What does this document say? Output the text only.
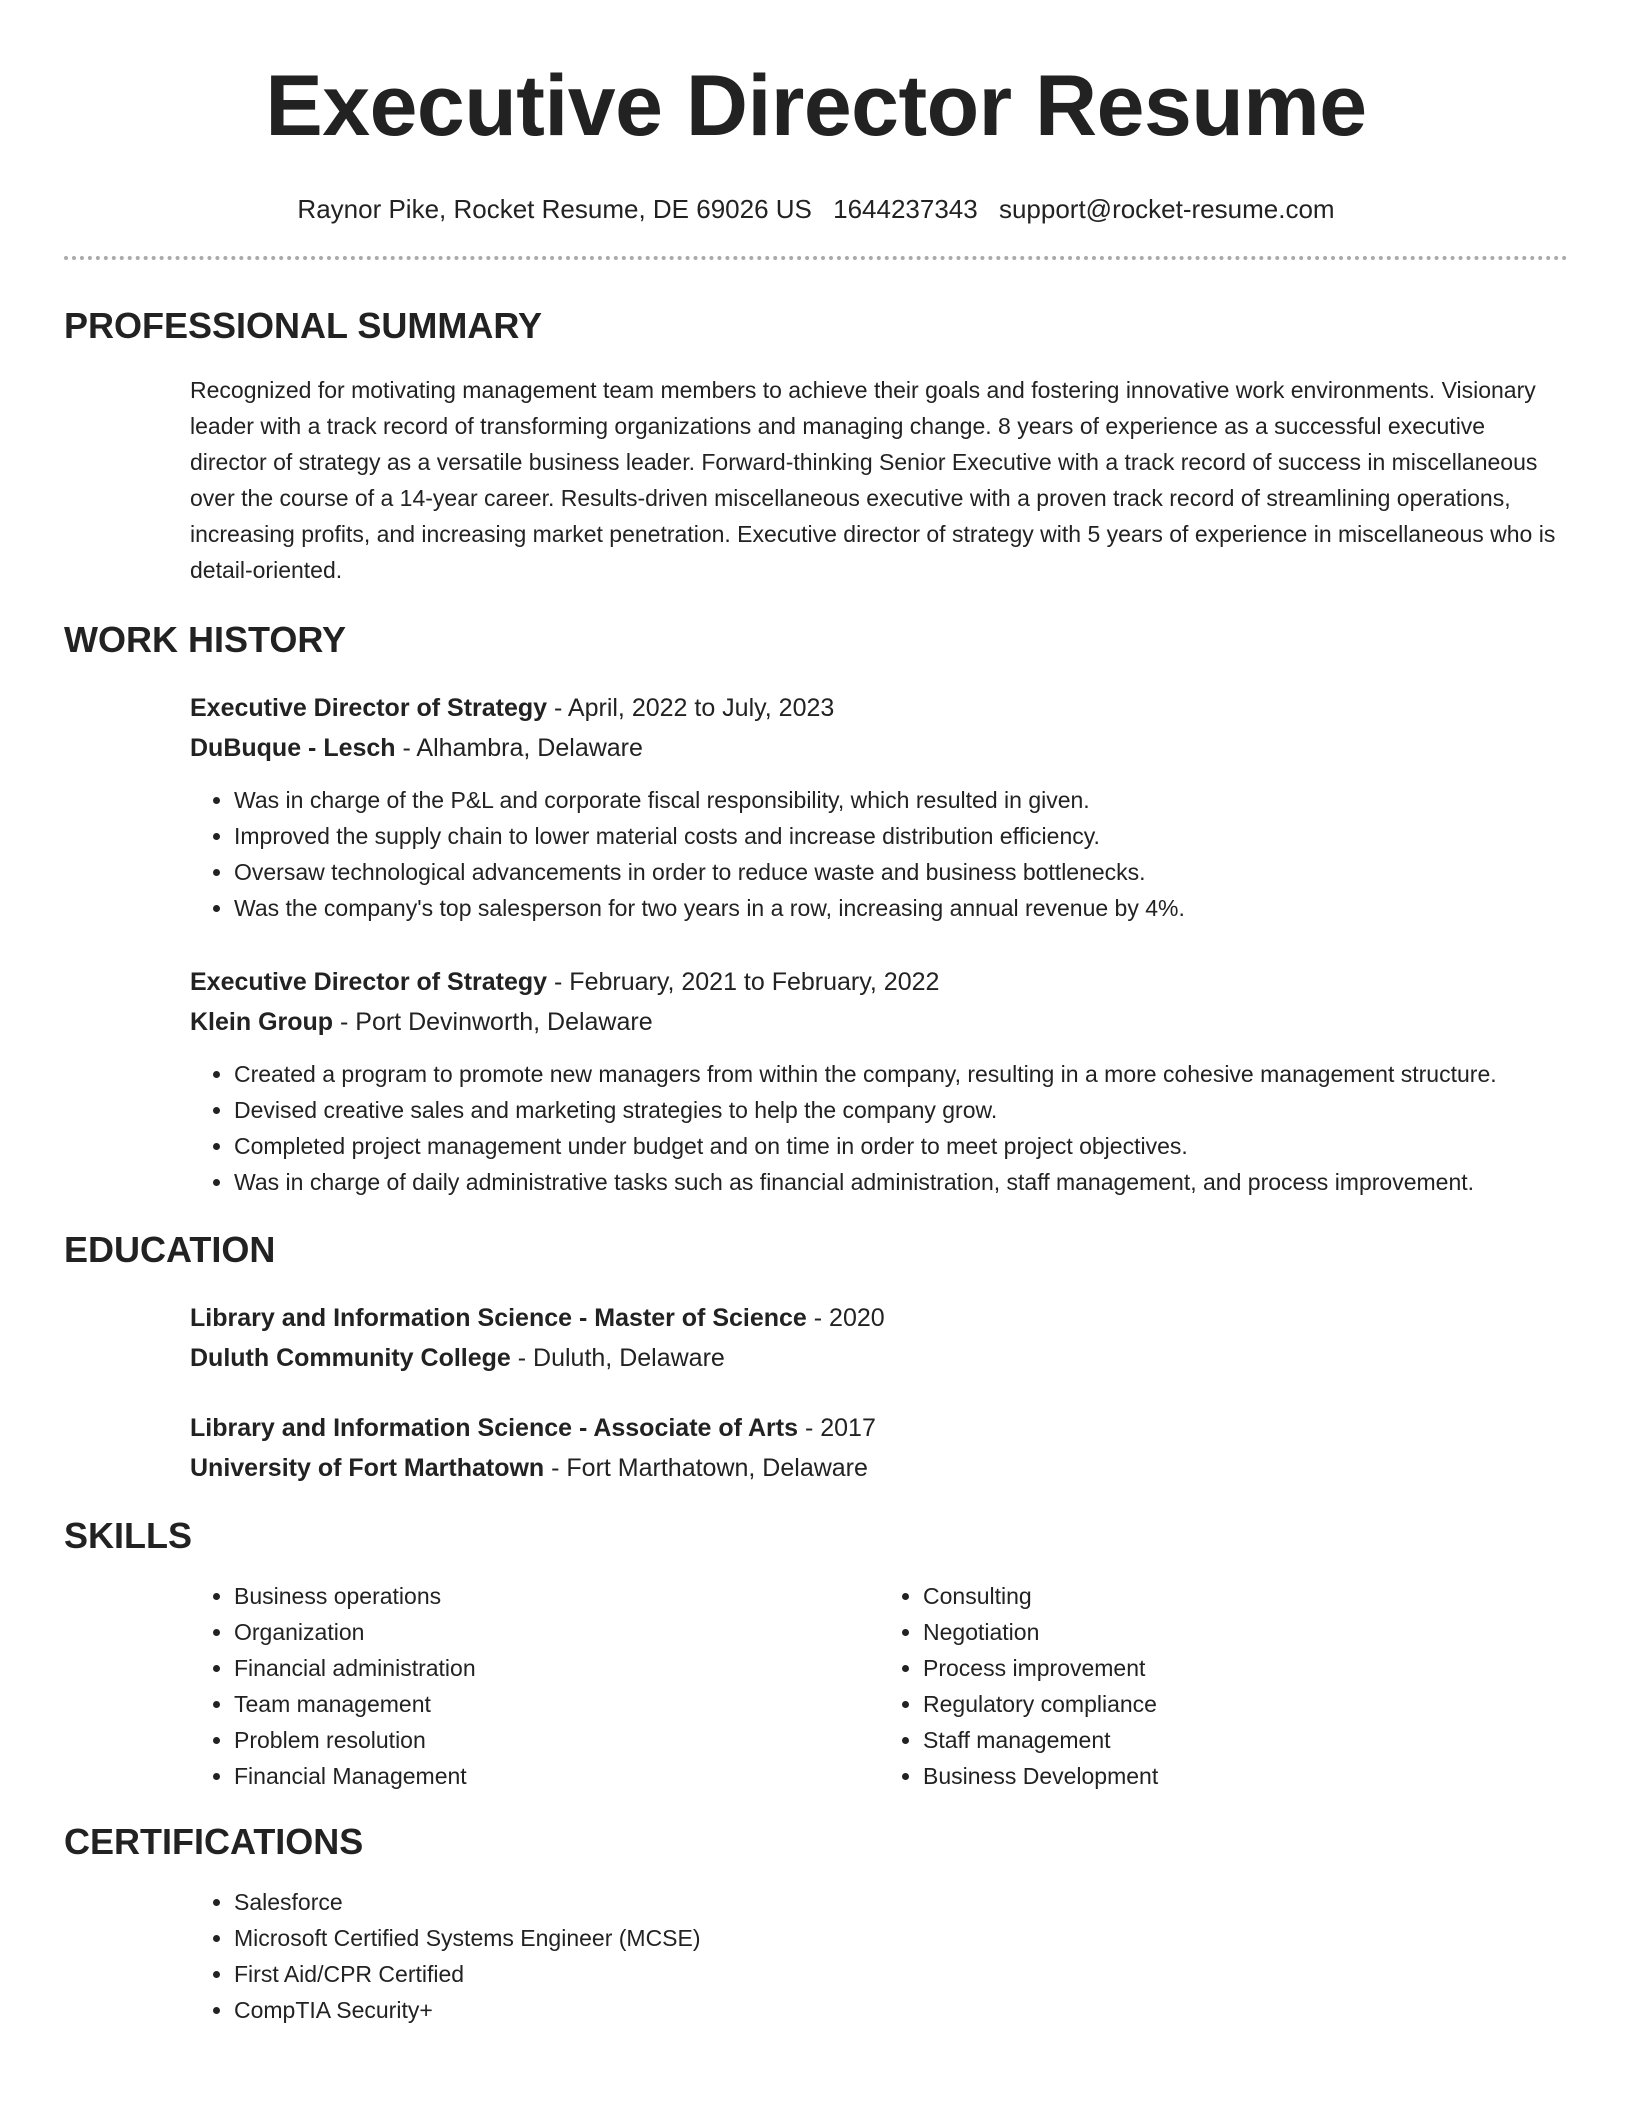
Executive Director Resume
Raynor Pike, Rocket Resume, DE 69026 US 1644237343 support@rocket-resume.com
PROFESSIONAL SUMMARY

Recognized for motivating management team members to achieve their goals and fostering innovative work environments. Visionary leader with a track record of transforming organizations and managing change. 8 years of experience as a successful executive director of strategy as a versatile business leader. Forward-thinking Senior Executive with a track record of success in miscellaneous over the course of a 14-year career. Results-driven miscellaneous executive with a proven track record of streamlining operations, increasing profits, and increasing market penetration. Executive director of strategy with 5 years of experience in miscellaneous who is detail-oriented.

WORK HISTORY
Executive Director of Strategy - April, 2022 to July, 2023
DuBuque - Lesch - Alhambra, Delaware
• Was in charge of the P&L and corporate fiscal responsibility, which resulted in given.
• Improved the supply chain to lower material costs and increase distribution efficiency.
• Oversaw technological advancements in order to reduce waste and business bottlenecks.
• Was the company's top salesperson for two years in a row, increasing annual revenue by 4%.
Executive Director of Strategy - February, 2021 to February, 2022
Klein Group - Port Devinworth, Delaware
• Created a program to promote new managers from within the company, resulting in a more cohesive management structure.
• Devised creative sales and marketing strategies to help the company grow.
• Completed project management under budget and on time in order to meet project objectives.
• Was in charge of daily administrative tasks such as financial administration, staff management, and process improvement.
EDUCATION
Library and Information Science - Master of Science - 2020
Duluth Community College - Duluth, Delaware
Library and Information Science - Associate of Arts - 2017
University of Fort Marthatown - Fort Marthatown, Delaware
SKILLS
• Business operations
• Organization
• Financial administration
• Team management
• Problem resolution
• Financial Management
• Consulting
• Negotiation
• Process improvement
• Regulatory compliance
• Staff management
• Business Development
CERTIFICATIONS
• Salesforce
• Microsoft Certified Systems Engineer (MCSE)
• First Aid/CPR Certified
• CompTIA Security+
